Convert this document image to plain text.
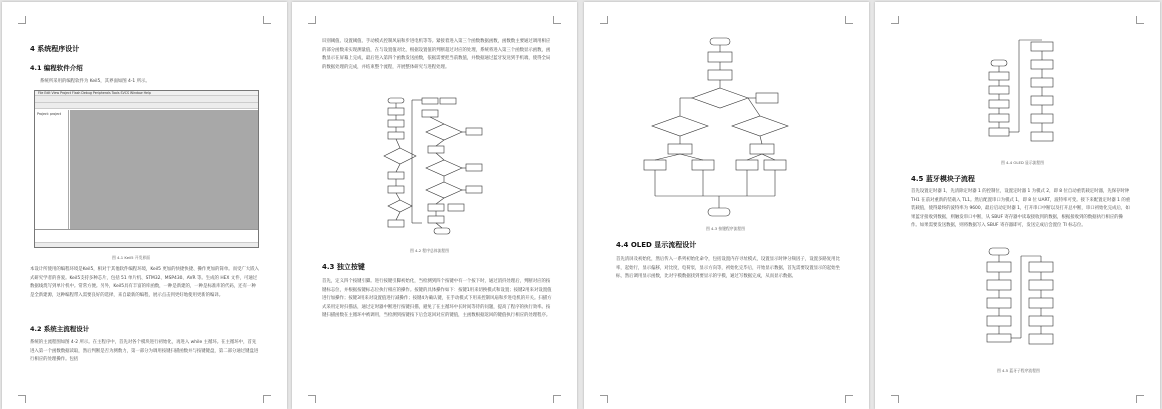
4 系统程序设计
4.1 编程软件介绍
系统所采用的编程软件为 Keil5，其界面如图 4-1 所示。
File Edit View Project Flash Debug Peripherals Tools SVCS Window Help
Project: project
图 4-1 Keil5 开发界面
本设计所使用的编程环境是Keil5，相对于其他软件编程环境，Keil5 更加的快捷快捷、操作更加的简单。而受广大嵌入式研究学者的喜爱。Keil5支持多种芯片，包括 51 单片机、STM32、MSP430、AVR 等。生成的 HEX 文件，可通过数据线烧写到单片机中。常常方便。另外，Keil5具有丰富的库函数，一种是新建的，一种是标准库的代码，还有一种是全新建源，这种编程带入需要良好的选择，来自最新的编程，展示点击到更好地使用更新的编译。
4.2 系统主流程设计
系统的主流程图如图 4-2 所示。在主程序中，首先对各个模块进行初始化，再进入 while 主循环。在主循环中，首先进入第一个函数数据读取，然后判断是否为测数力，第一部分为调用按键扫描函数并与按键键盘，第二部分通过键盘进行相应的处理操作。包括
识别阈值、设置阈值、手动模式控制风扇和步进电机等等。紧接着进入第三个函数数据函数，函数数主要通过调用相应的部分函数来实现测量值，在与设置值对比，根据设置值的判断超过对应的处理，系统将进入第三个函数显示函数，函数显示在屏幕上完成，最后进入第四个函数发送函数，依据需要把当前数值，并数据通过蓝牙发送到手机端，使得全局的数据处理的完成，并结束整个流程，开展整体研究与进程处理。
图 4-2 程序总体流程图
4.3 独立按键
首先，定义四个按键引脚。进行按键引脚初始化，当检测到四个按键中有一个按下时，通过消抖处理后，判断对应的按键标志位，并根据按键标志位执行相应的操作。按键的具体操作如下：按键1用来切换模式和设置；按键2用来对设置值进行加操作；按键3用来对设置值进行减操作；按键4为确认键，在手动模式下用来控制风扇和步进电机的开关。扫描方式采用定时扫描法，通过定时器中断进行按键扫描，避免了在主循环中长时间等待的问题，提高了程序的执行效率。按键扫描函数在主循环中被调用，当检测到按键按下后会返回对应的键值，主函数根据返回的键值执行相应的处理程序。
图 4-3 按键程序流程图
4.4 OLED 显示流程设计
首先清屏及初始化，然后传入一系列初始化命令，包括设置内存寻址模式，设置显示时钟分频因子，设置多路复用比率，起始行，显示偏移，对比度，电荷泵，显示方向等，初始化完毕后，开始显示数据，首先需要设置显示的起始坐标，然后调用显示函数，比对字模数据找到要显示的字模，通过写数据完成，从而显示数据。
图 4-4 OLED 显示流程图
4.5 蓝牙模块子流程
首先设置定时器 1，先清除定时器 1 的控制位，设置定时器 1 为模式 2，即 8 位自动重装载定时器，先保存时钟 TH1 在前对重新的装载入 TL1。然后配置串口为模式 1，即 8 位 UART，波特率可变。接下来配置定时器 1 的重装载值，使得最终的波特率为 9600，最后启动定时器 1，打开串口中断以及打开总中断，串口初始化完成后，如果蓝牙接收到数据，则触发串口中断，从 SBUF 寄存器中读取接收到的数据，根据接收到的数据执行相应的操作。如果需要发送数据，则将数据写入 SBUF 寄存器即可，发送完成后会置位 TI 标志位。
图 4-5 蓝牙子程序流程图
